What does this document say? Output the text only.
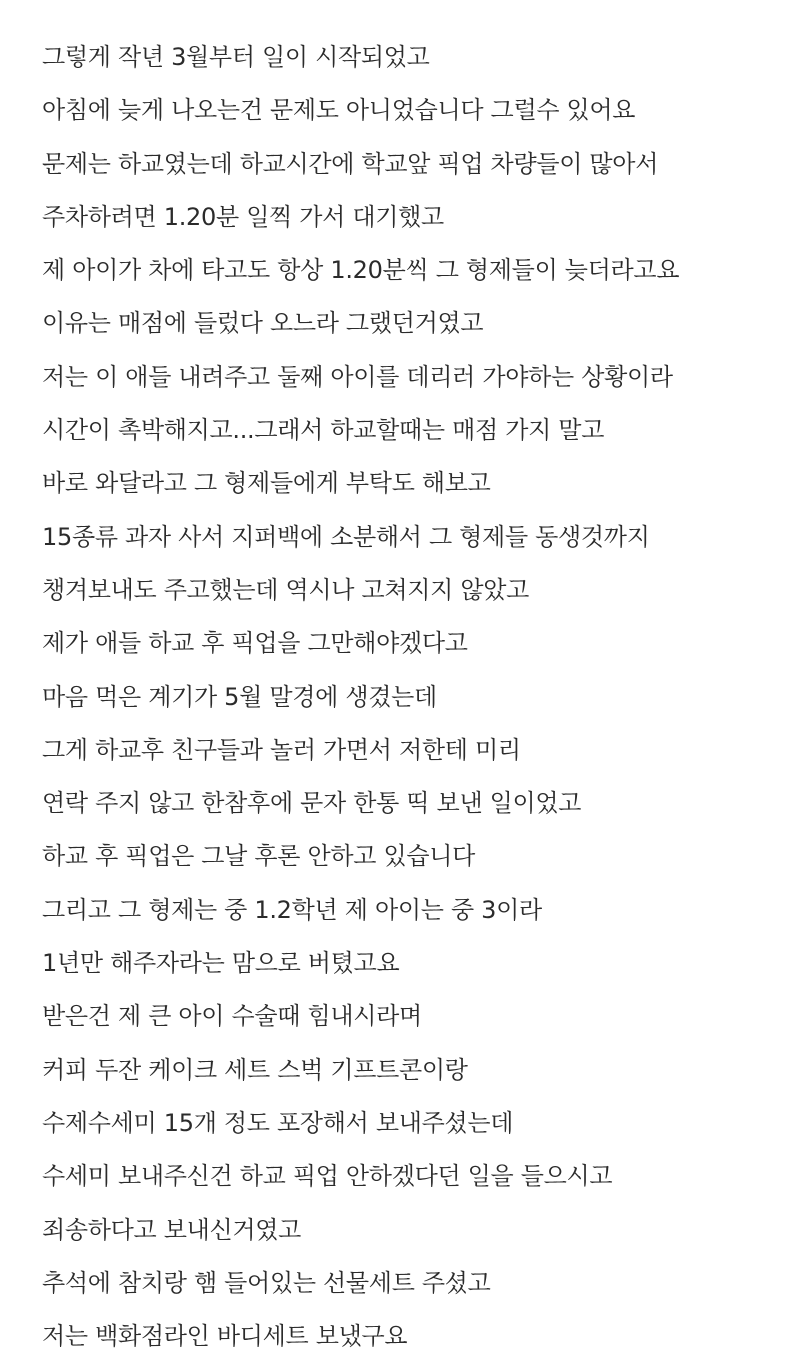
그렇게 작년 3월부터 일이 시작되었고
아침에 늦게 나오는건 문제도 아니었습니다 그럴수 있어요
문제는 하교였는데 하교시간에 학교앞 픽업 차량들이 많아서
주차하려면 1.20분 일찍 가서 대기했고
제 아이가 차에 타고도 항상 1.20분씩 그 형제들이 늦더라고요
이유는 매점에 들렀다 오느라 그랬던거였고
저는 이 애들 내려주고 둘째 아이를 데리러 가야하는 상황이라
시간이 촉박해지고...그래서 하교할때는 매점 가지 말고
바로 와달라고 그 형제들에게 부탁도 해보고
15종류 과자 사서 지퍼백에 소분해서 그 형제들 동생것까지
챙겨보내도 주고했는데 역시나 고쳐지지 않았고
제가 애들 하교 후 픽업을 그만해야겠다고
마음 먹은 계기가 5월 말경에 생겼는데
그게 하교후 친구들과 놀러 가면서 저한테 미리
연락 주지 않고 한참후에 문자 한통 띡 보낸 일이었고
하교 후 픽업은 그날 후론 안하고 있습니다
그리고 그 형제는 중 1.2학년 제 아이는 중 3이라
1년만 해주자라는 맘으로 버텼고요
받은건 제 큰 아이 수술때 힘내시라며
커피 두잔 케이크 세트 스벅 기프트콘이랑
수제수세미 15개 정도 포장해서 보내주셨는데
수세미 보내주신건 하교 픽업 안하겠다던 일을 들으시고
죄송하다고 보내신거였고
추석에 참치랑 햄 들어있는 선물세트 주셨고
저는 백화점라인 바디세트 보냈구요
